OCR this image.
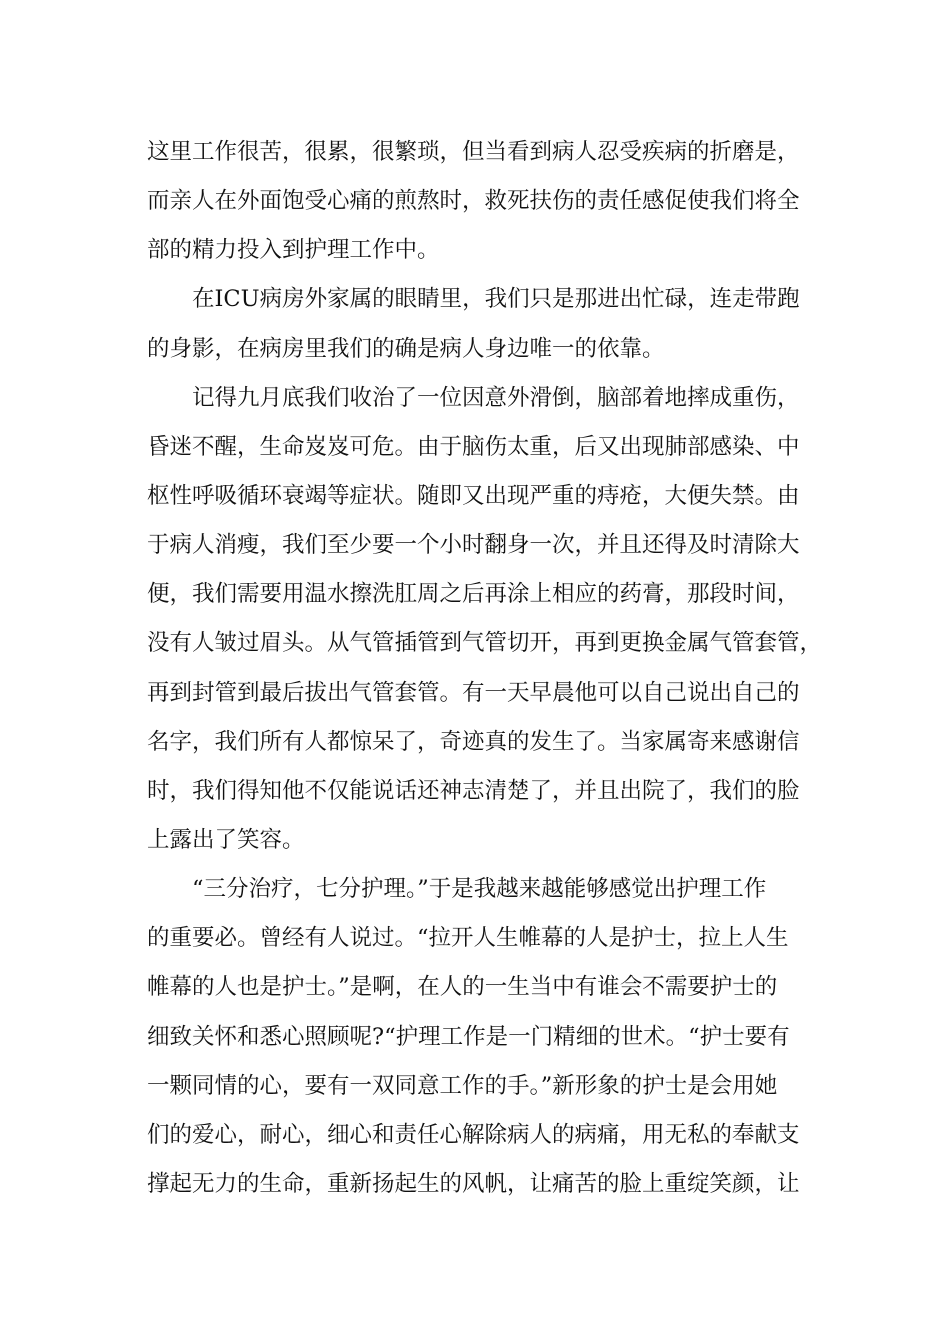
这里工作很苦，很累，很繁琐，但当看到病人忍受疾病的折磨是，
而亲人在外面饱受心痛的煎熬时，救死扶伤的责任感促使我们将全
部的精力投入到护理工作中。
在ICU病房外家属的眼睛里，我们只是那进出忙碌，连走带跑
的身影，在病房里我们的确是病人身边唯一的依靠。
记得九月底我们收治了一位因意外滑倒，脑部着地摔成重伤，
昏迷不醒，生命岌岌可危。由于脑伤太重，后又出现肺部感染、中
枢性呼吸循环衰竭等症状。随即又出现严重的痔疮，大便失禁。由
于病人消瘦，我们至少要一个小时翻身一次，并且还得及时清除大
便，我们需要用温水擦洗肛周之后再涂上相应的药膏，那段时间，
没有人皱过眉头。从气管插管到气管切开，再到更换金属气管套管，
再到封管到最后拔出气管套管。有一天早晨他可以自己说出自己的
名字，我们所有人都惊呆了，奇迹真的发生了。当家属寄来感谢信
时，我们得知他不仅能说话还神志清楚了，并且出院了，我们的脸
上露出了笑容。
“三分治疗，七分护理。”于是我越来越能够感觉出护理工作
的重要必。曾经有人说过。“拉开人生帷幕的人是护士，拉上人生
帷幕的人也是护士。”是啊，在人的一生当中有谁会不需要护士的
细致关怀和悉心照顾呢?“护理工作是一门精细的世术。“护士要有
一颗同情的心，要有一双同意工作的手。”新形象的护士是会用她
们的爱心，耐心，细心和责任心解除病人的病痛，用无私的奉献支
撑起无力的生命，重新扬起生的风帆，让痛苦的脸上重绽笑颜，让
